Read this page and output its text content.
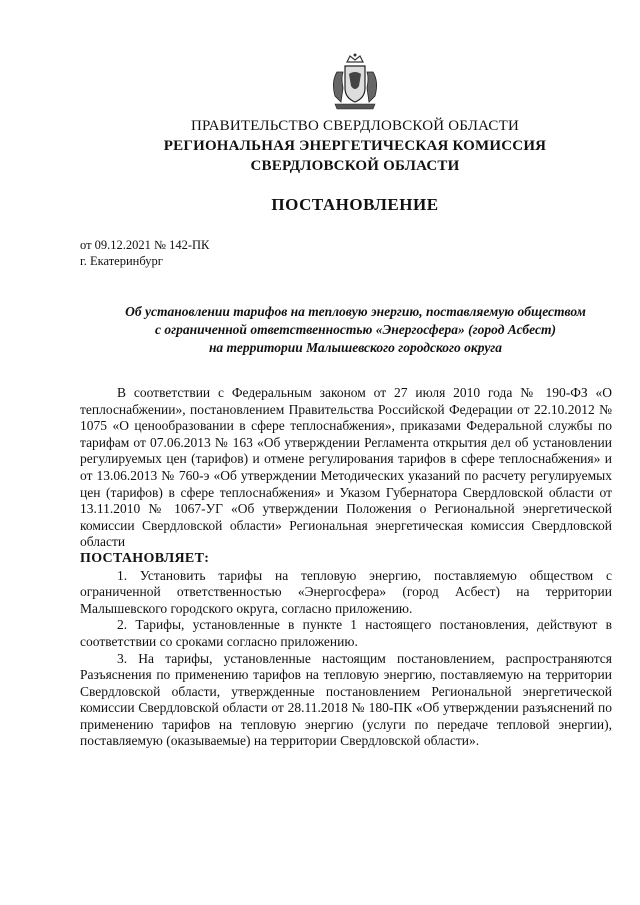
ПРАВИТЕЛЬСТВО СВЕРДЛОВСКОЙ ОБЛАСТИ
РЕГИОНАЛЬНАЯ ЭНЕРГЕТИЧЕСКАЯ КОМИССИЯ
СВЕРДЛОВСКОЙ ОБЛАСТИ
ПОСТАНОВЛЕНИЕ
от 09.12.2021 № 142-ПК
г. Екатеринбург
Об установлении тарифов на тепловую энергию, поставляемую обществом
с ограниченной ответственностью «Энергосфера» (город Асбест)
на территории Малышевского городского округа

В соответствии с Федеральным законом от 27 июля 2010 года № 190-ФЗ «О теплоснабжении», постановлением Правительства Российской Федерации от 22.10.2012 № 1075 «О ценообразовании в сфере теплоснабжения», приказами Федеральной службы по тарифам от 07.06.2013 № 163 «Об утверждении Регламента открытия дел об установлении регулируемых цен (тарифов) и отмене регулирования тарифов в сфере теплоснабжения» и от 13.06.2013 № 760-э «Об утверждении Методических указаний по расчету регулируемых цен (тарифов) в сфере теплоснабжения» и Указом Губернатора Свердловской области от 13.11.2010 № 1067-УГ «Об утверждении Положения о Региональной энергетической комиссии Свердловской области» Региональная энергетическая комиссия Свердловской области

ПОСТАНОВЛЯЕТ:

1. Установить тарифы на тепловую энергию, поставляемую обществом с ограниченной ответственностью «Энергосфера» (город Асбест) на территории Малышевского городского округа, согласно приложению.

2. Тарифы, установленные в пункте 1 настоящего постановления, действуют в соответствии со сроками согласно приложению.

3. На тарифы, установленные настоящим постановлением, распространяются Разъяснения по применению тарифов на тепловую энергию, поставляемую на территории Свердловской области, утвержденные постановлением Региональной энергетической комиссии Свердловской области от 28.11.2018 № 180-ПК «Об утверждении разъяснений по применению тарифов на тепловую энергию (услуги по передаче тепловой энергии), поставляемую (оказываемые) на территории Свердловской области».
